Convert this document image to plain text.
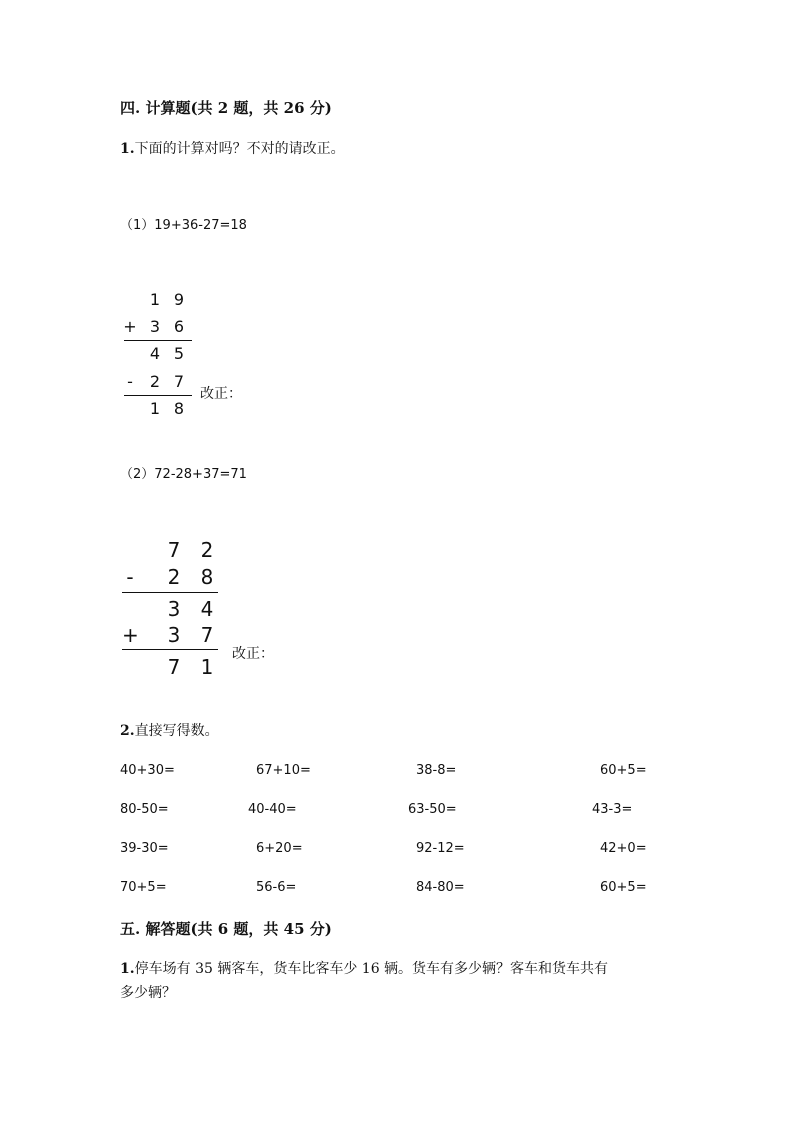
四. 计算题(共 2 题，共 26 分)
1.下面的计算对吗？不对的请改正。
（1）19+36-27=18
1 9
+ 3 6
4 5
-	2 7
1 8
改正：
（2）72-28+37=71
7 2
- 2 8
3 4
+ 3 7
7 1
改正：
2.直接写得数。
40+30=	67+10=	38-8=	60+5=
80-50=	40-40=	63-50=	43-3=
39-30=	6+20=	92-12=	42+0=
70+5=	56-6=	84-80=	60+5=
五. 解答题(共 6 题，共 45 分)
1.停车场有 35 辆客车，货车比客车少 16 辆。货车有多少辆？客车和货车共有
多少辆？
